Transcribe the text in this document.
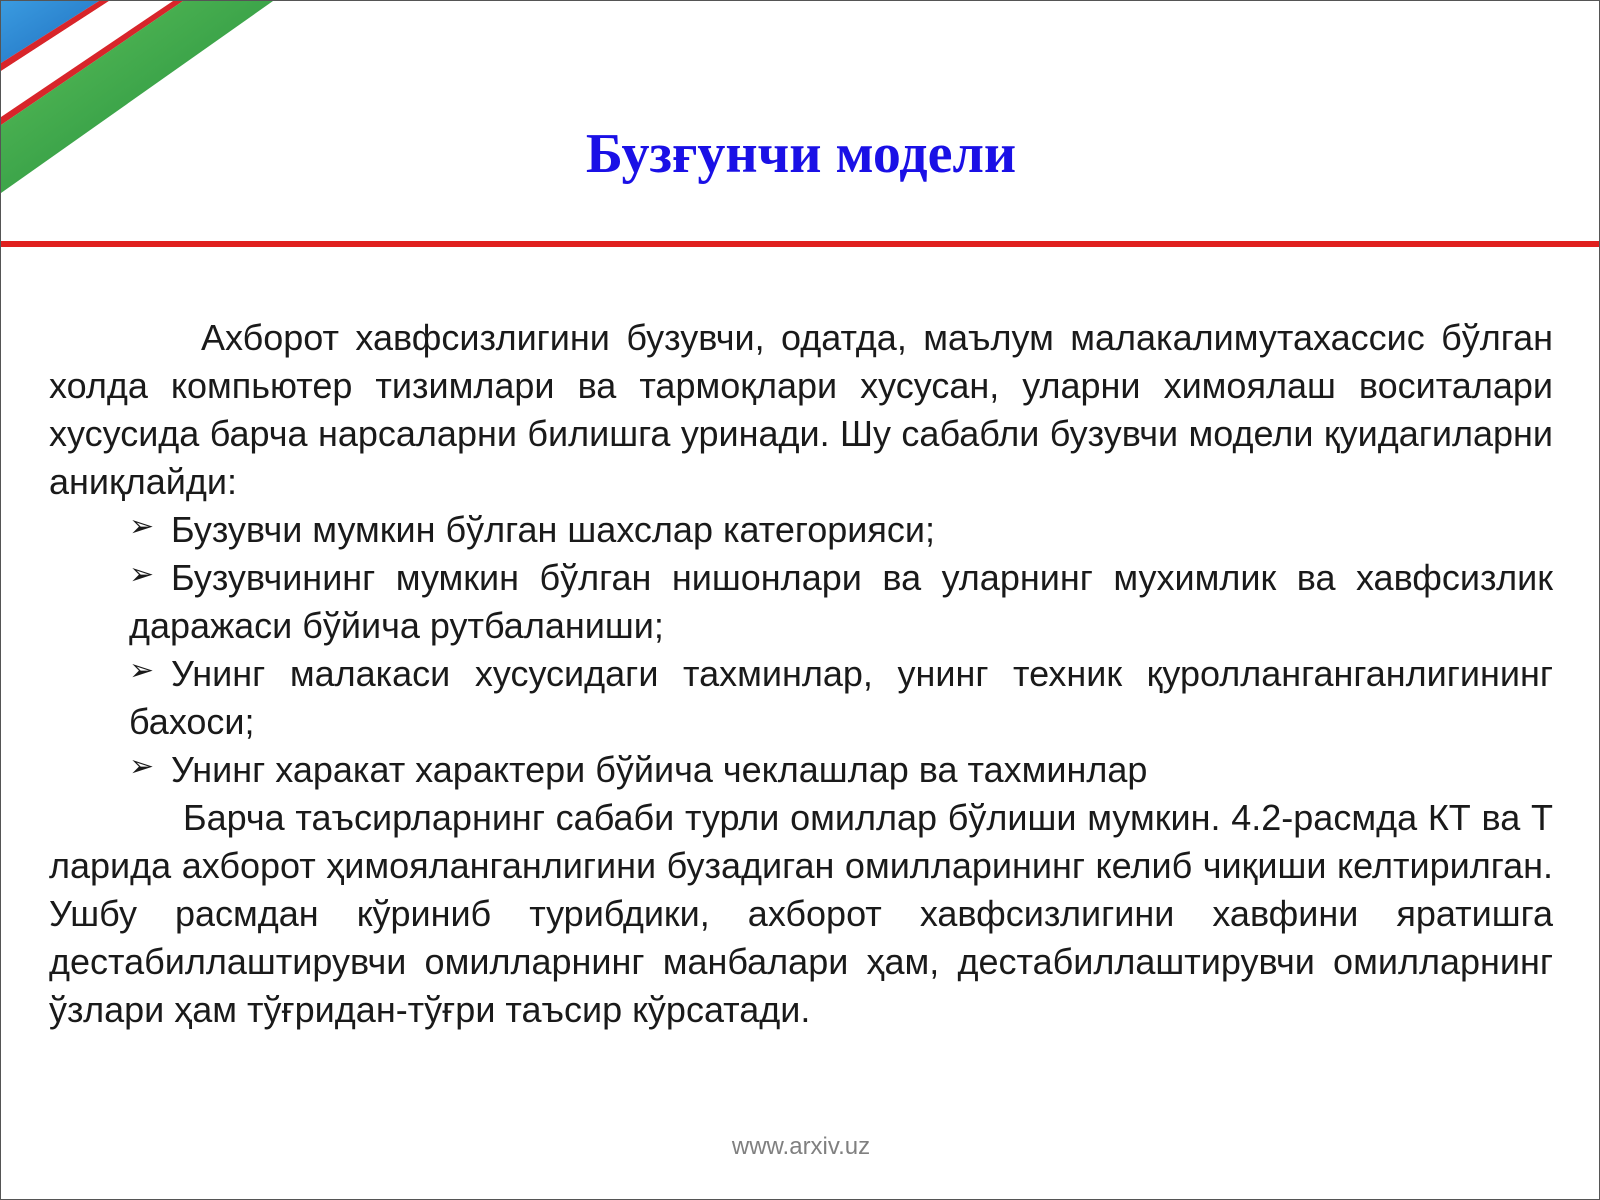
Бузғунчи модели

Ахборот хавфсизлигини бузувчи, одатда, маълум малакалимутахассис бўлган холда компьютер тизимлари ва тармоқлари хусусан, уларни химоялаш воситалари хусусида барча нарсаларни билишга уринади. Шу сабабли бузувчи модели қуидагиларни аниқлайди:

➢ Бузувчи мумкин бўлган шахслар категорияси;
➢ Бузувчининг мумкин бўлган нишонлари ва уларнинг мухимлик ва хавфсизлик даражаси бўйича рутбаланиши;
➢ Унинг малакаси хусусидаги тахминлар, унинг техник қуролланганганлигининг бахоси;
➢ Унинг харакат характери бўйича чеклашлар ва тахминлар

Барча таъсирларнинг сабаби турли омиллар бўлиши мумкин. 4.2-расмда КТ ва Т ларида ахборот ҳимояланганлигини бузадиган омилларининг келиб чиқиши келтирилган. Ушбу расмдан кўриниб турибдики, ахборот хавфсизлигини хавфини яратишга дестабиллаштирувчи омилларнинг манбалари ҳам, дестабиллаштирувчи омилларнинг ўзлари ҳам тўғридан-тўғри таъсир кўрсатади.

www.arxiv.uz
